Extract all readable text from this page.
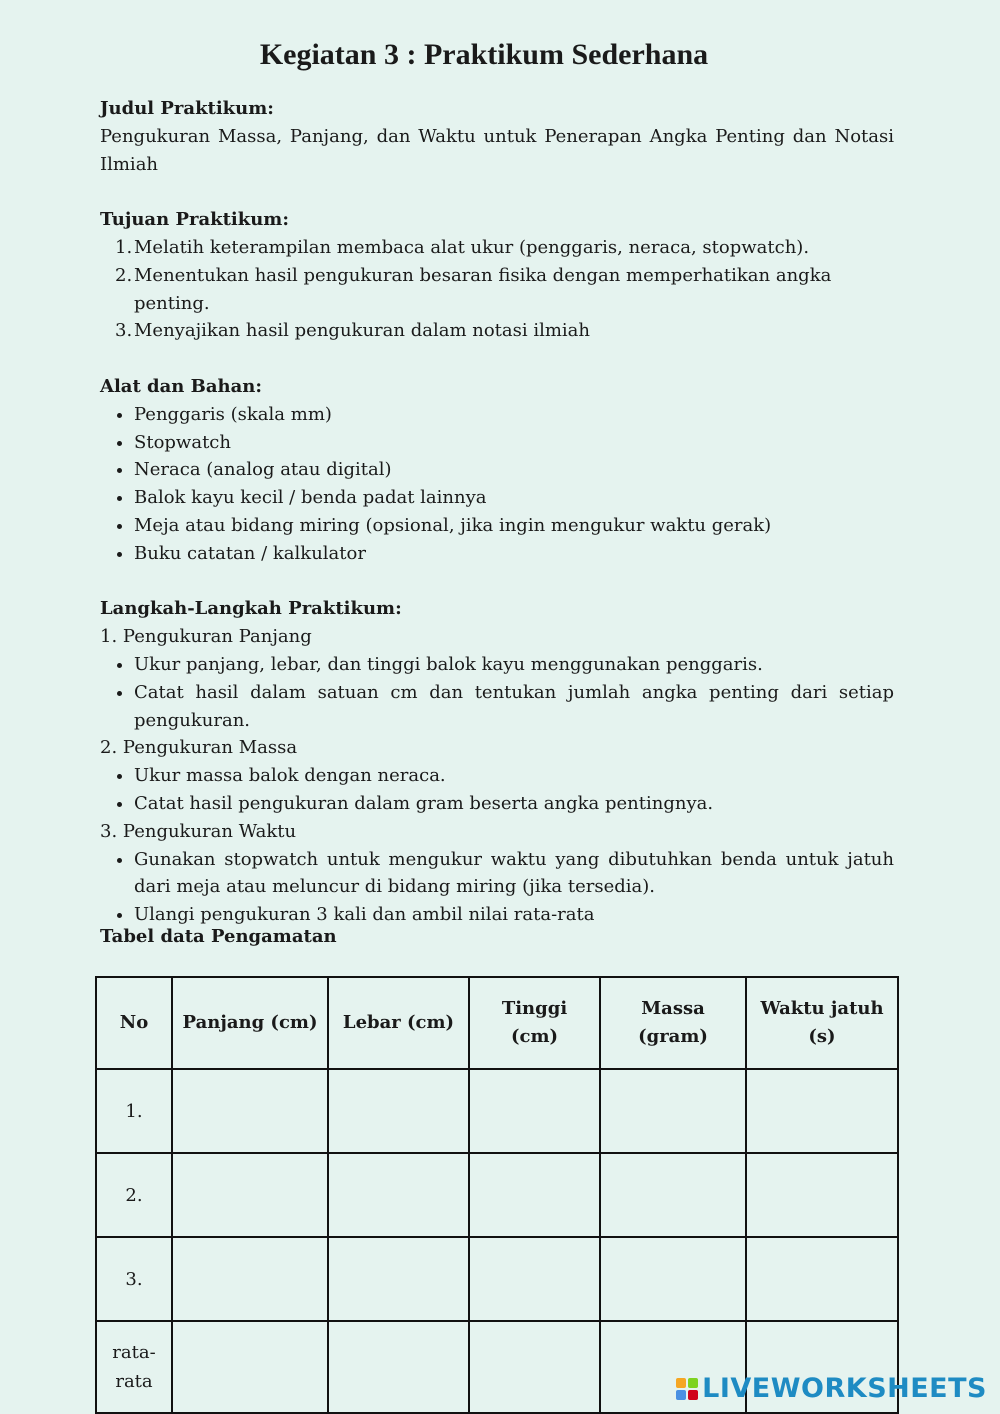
Kegiatan 3 : Praktikum Sederhana
Judul Praktikum:
Pengukuran Massa, Panjang, dan Waktu untuk Penerapan Angka Penting dan Notasi Ilmiah
Tujuan Praktikum:
1. Melatih keterampilan membaca alat ukur (penggaris, neraca, stopwatch).
2. Menentukan hasil pengukuran besaran fisika dengan memperhatikan angka penting.
3. Menyajikan hasil pengukuran dalam notasi ilmiah
Alat dan Bahan:
Penggaris (skala mm)
Stopwatch
Neraca (analog atau digital)
Balok kayu kecil / benda padat lainnya
Meja atau bidang miring (opsional, jika ingin mengukur waktu gerak)
Buku catatan / kalkulator
Langkah-Langkah Praktikum:
1. Pengukuran Panjang
Ukur panjang, lebar, dan tinggi balok kayu menggunakan penggaris.
Catat hasil dalam satuan cm dan tentukan jumlah angka penting dari setiap pengukuran.
2. Pengukuran Massa
Ukur massa balok dengan neraca.
Catat hasil pengukuran dalam gram beserta angka pentingnya.
3. Pengukuran Waktu
Gunakan stopwatch untuk mengukur waktu yang dibutuhkan benda untuk jatuh dari meja atau meluncur di bidang miring (jika tersedia).
Ulangi pengukuran 3 kali dan ambil nilai rata-rata
Tabel data Pengamatan
No	Panjang (cm)	Lebar (cm)	Tinggi (cm)	Massa (gram)	Waktu jatuh (s)
1.					
2.					
3.					
rata-rata						LIVEWORKSHEETS
